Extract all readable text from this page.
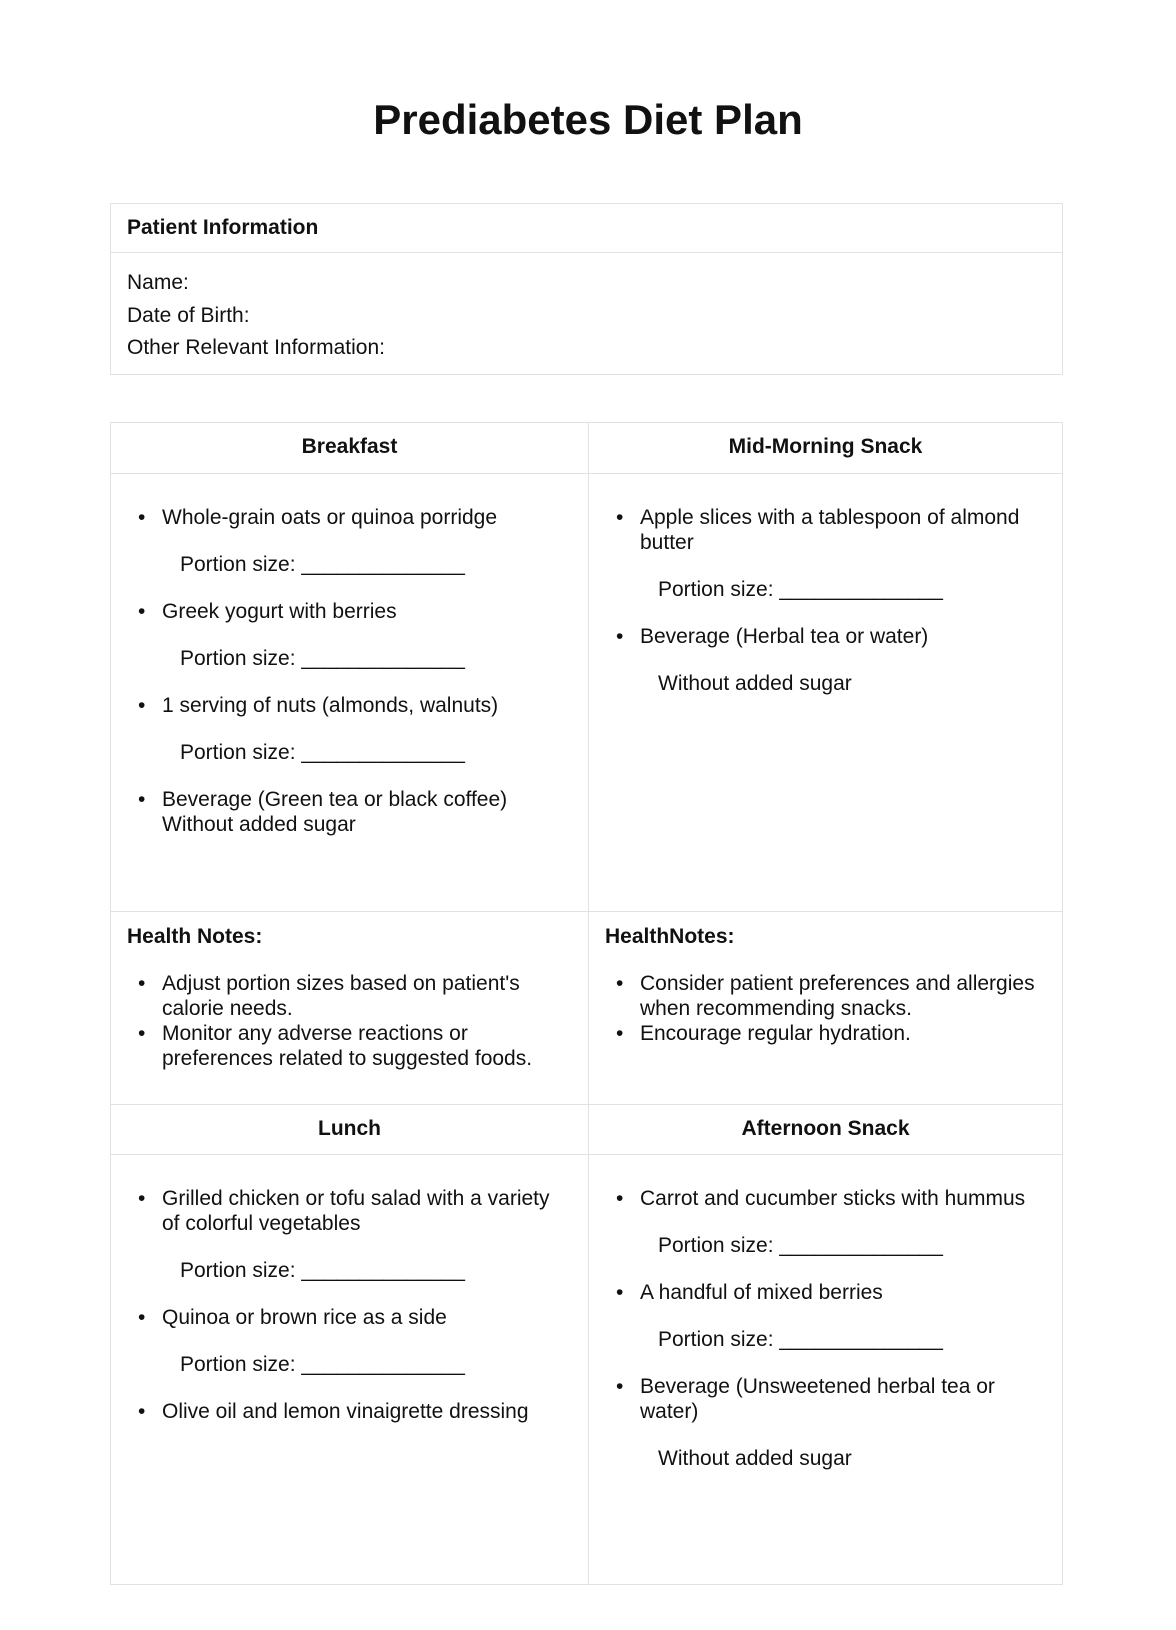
Prediabetes Diet Plan
Patient Information
Name:
Date of Birth:
Other Relevant Information:
Breakfast	Mid-Morning Snack
• Whole-grain oats or quinoa porridge
Portion size: ______________
• Greek yogurt with berries
Portion size: ______________
• 1 serving of nuts (almonds, walnuts)
Portion size: ______________
• Beverage (Green tea or black coffee)
Without added sugar
• Apple slices with a tablespoon of almond butter
Portion size: ______________
• Beverage (Herbal tea or water)
Without added sugar
Health Notes:
• Adjust portion sizes based on patient's calorie needs.
• Monitor any adverse reactions or preferences related to suggested foods.
HealthNotes:
• Consider patient preferences and allergies when recommending snacks.
• Encourage regular hydration.
Lunch	Afternoon Snack
• Grilled chicken or tofu salad with a variety of colorful vegetables
Portion size: ______________
• Quinoa or brown rice as a side
Portion size: ______________
• Olive oil and lemon vinaigrette dressing
• Carrot and cucumber sticks with hummus
Portion size: ______________
• A handful of mixed berries
Portion size: ______________
• Beverage (Unsweetened herbal tea or water)
Without added sugar
